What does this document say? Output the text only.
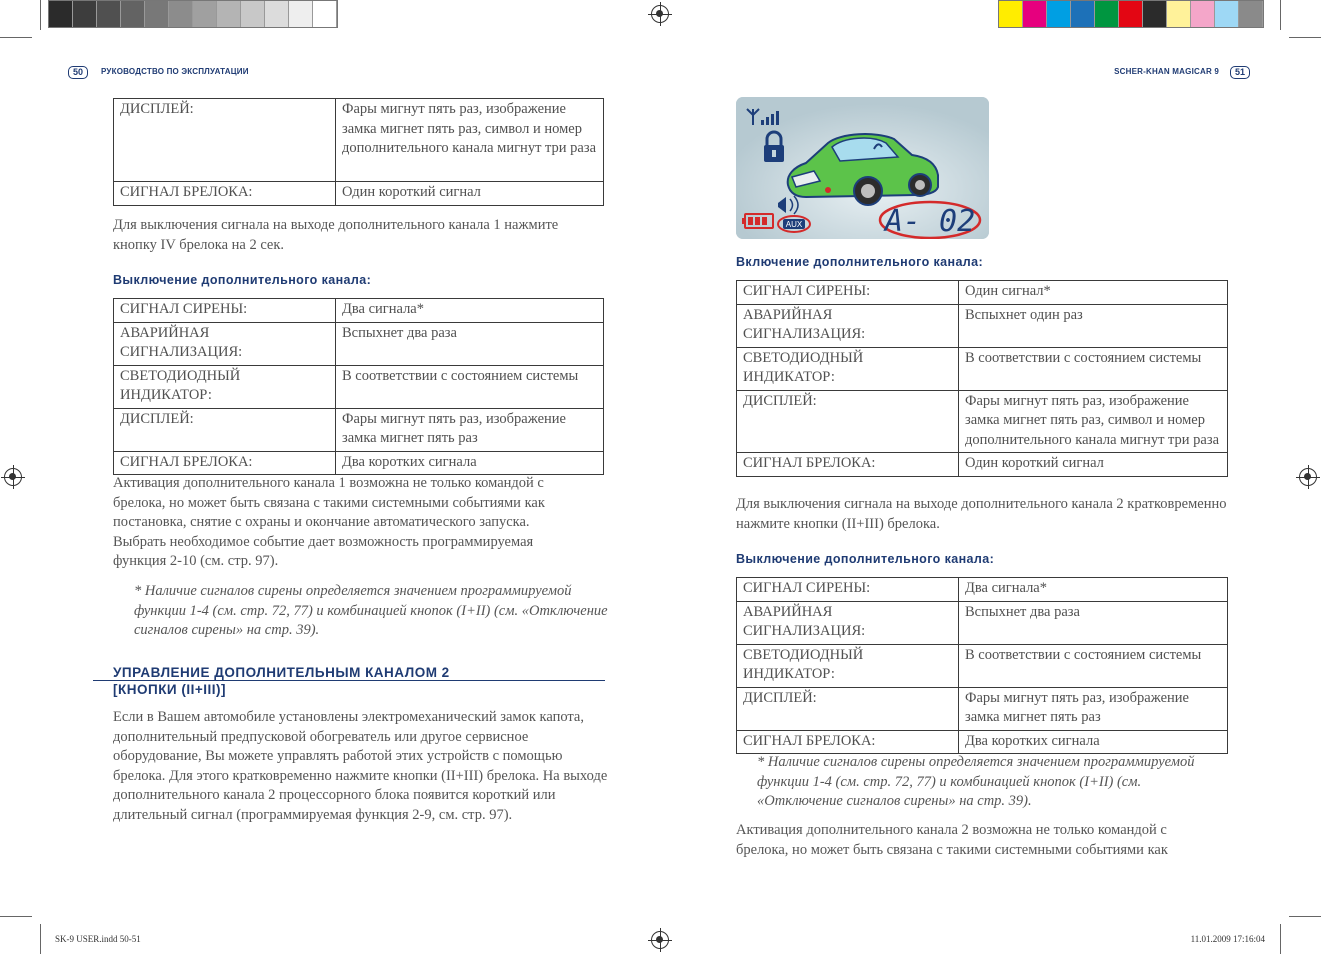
50	РУКОВОДСТВО ПО ЭКСПЛУАТАЦИИ
ДИСПЛЕЙ:	Фары мигнут пять раз, изображение замка мигнет пять раз, символ и номер дополнительного канала мигнут три раза
СИГНАЛ БРЕЛОКА:	Один короткий сигнал
Для выключения сигнала на выходе дополнительного канала 1 нажмите кнопку IV брелока на 2 сек.
Выключение дополнительного канала:
СИГНАЛ СИРЕНЫ:	Два сигнала*
АВАРИЙНАЯ СИГНАЛИЗАЦИЯ:	Вспыхнет два раза
СВЕТОДИОДНЫЙ ИНДИКАТОР:	В соответствии с состоянием системы
ДИСПЛЕЙ:	Фары мигнут пять раз, изображение замка мигнет пять раз
СИГНАЛ БРЕЛОКА:	Два коротких сигнала
Активация дополнительного канала 1 возможна не только командой с брелока, но может быть связана с такими системными событиями как постановка, снятие с охраны и окончание автоматического запуска. Выбрать необходимое событие дает возможность программируемая функция 2-10 (см. стр. 97).
* Наличие сигналов сирены определяется значением программируемой функции 1-4 (см. стр. 72, 77) и комбинацией кнопок (I+II) (см. «Отключение сигналов сирены» на стр. 39).
УПРАВЛЕНИЕ ДОПОЛНИТЕЛЬНЫМ КАНАЛОМ 2
[КНОПКИ (II+III)]
Если в Вашем автомобиле установлены электромеханический замок капота, дополнительный предпусковой обогреватель или другое сервисное оборудование, Вы можете управлять работой этих устройств с помощью брелока. Для этого кратковременно нажмите кнопки (II+III) брелока. На выходе дополнительного канала 2 процессорного блока появится короткий или длительный сигнал (программируемая функция 2-9, см. стр. 97).
SK-9 USER.indd 50-51
SCHER-KHAN MAGICAR 9	51
AUX	A- 02
Включение дополнительного канала:
СИГНАЛ СИРЕНЫ:	Один сигнал*
АВАРИЙНАЯ СИГНАЛИЗАЦИЯ:	Вспыхнет один раз
СВЕТОДИОДНЫЙ ИНДИКАТОР:	В соответствии с состоянием системы
ДИСПЛЕЙ:	Фары мигнут пять раз, изображение замка мигнет пять раз, символ и номер дополнительного канала мигнут три раза
СИГНАЛ БРЕЛОКА:	Один короткий сигнал
Для выключения сигнала на выходе дополнительного канала 2 кратковременно нажмите кнопки (II+III) брелока.
Выключение дополнительного канала:
СИГНАЛ СИРЕНЫ:	Два сигнала*
АВАРИЙНАЯ СИГНАЛИЗАЦИЯ:	Вспыхнет два раза
СВЕТОДИОДНЫЙ ИНДИКАТОР:	В соответствии с состоянием системы
ДИСПЛЕЙ:	Фары мигнут пять раз, изображение замка мигнет пять раз
СИГНАЛ БРЕЛОКА:	Два коротких сигнала
* Наличие сигналов сирены определяется значением программируемой функции 1-4 (см. стр. 72, 77) и комбинацией кнопок (I+II) (см. «Отключение сигналов сирены» на стр. 39).
Активация дополнительного канала 2 возможна не только командой с брелока, но может быть связана с такими системными событиями как
11.01.2009 17:16:04
